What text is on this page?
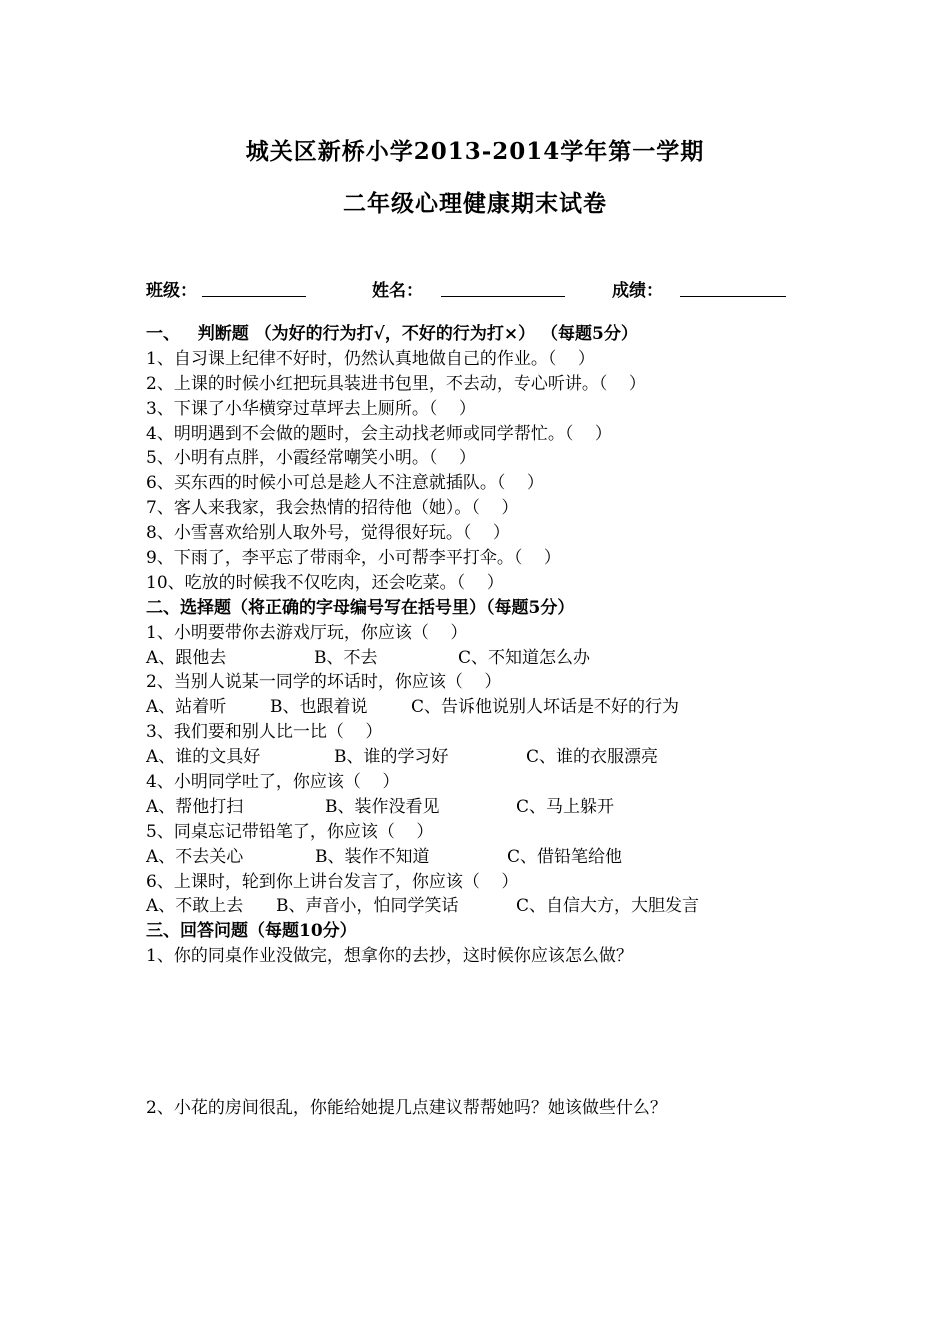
城关区新桥小学2013-2014学年第一学期
二年级心理健康期末试卷
班级：	姓名：	成绩：
一、   判断题 （为好的行为打√，不好的行为打×） （每题5分）
1、自习课上纪律不好时，仍然认真地做自己的作业。（    ）
2、上课的时候小红把玩具装进书包里，不去动，专心听讲。（    ）
3、下课了小华横穿过草坪去上厕所。（    ）
4、明明遇到不会做的题时，会主动找老师或同学帮忙。（    ）
5、小明有点胖，小霞经常嘲笑小明。（    ）
6、买东西的时候小可总是趁人不注意就插队。（    ）
7、客人来我家，我会热情的招待他（她）。（    ）
8、小雪喜欢给别人取外号，觉得很好玩。（    ）
9、下雨了，李平忘了带雨伞，小可帮李平打伞。（    ）
10、吃放的时候我不仅吃肉，还会吃菜。（    ）
二、选择题（将正确的字母编号写在括号里）（每题5分）
1、小明要带你去游戏厅玩，你应该（    ）
A、跟他去	B、不去	C、不知道怎么办
2、当别人说某一同学的坏话时，你应该（    ）
A、站着听	B、也跟着说	C、告诉他说别人坏话是不好的行为
3、我们要和别人比一比（    ）
A、谁的文具好	B、谁的学习好	C、谁的衣服漂亮
4、小明同学吐了，你应该（    ）
A、帮他打扫	B、装作没看见	C、马上躲开
5、同桌忘记带铅笔了，你应该（    ）
A、不去关心	B、装作不知道	C、借铅笔给他
6、上课时，轮到你上讲台发言了，你应该（    ）
A、不敢上去 B、声音小，怕同学笑话	C、自信大方，大胆发言
三、回答问题（每题10分）
1、你的同桌作业没做完，想拿你的去抄，这时候你应该怎么做？
2、小花的房间很乱，你能给她提几点建议帮帮她吗？她该做些什么？
